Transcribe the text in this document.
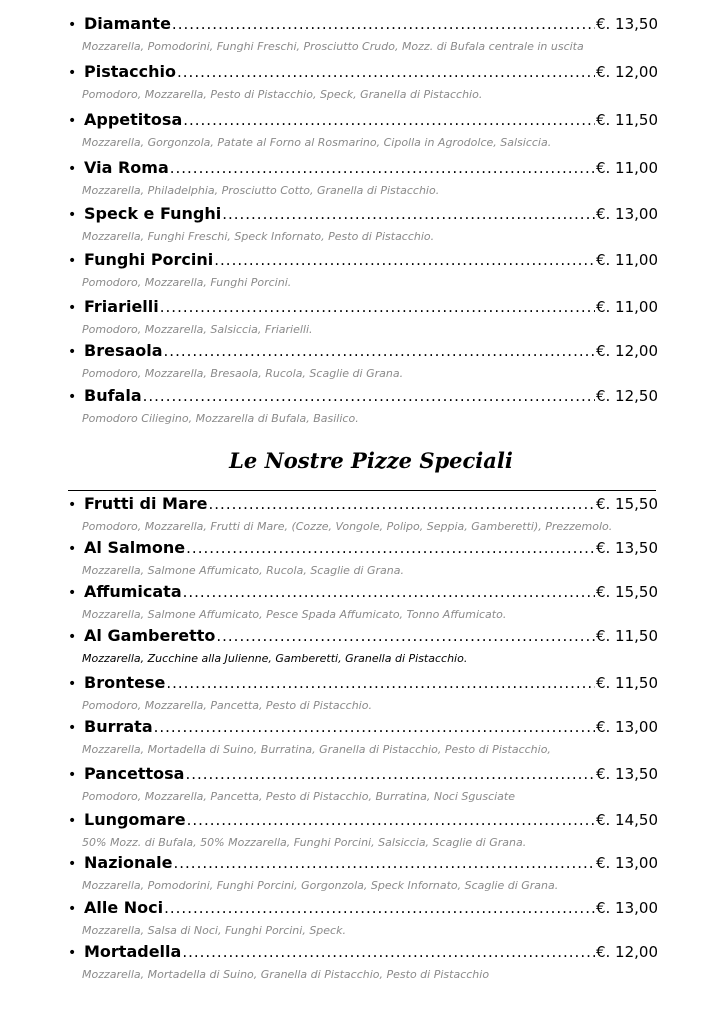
• Diamante .....	€. 13,50
Mozzarella, Pomodorini, Funghi Freschi, Prosciutto Crudo, Mozz. di Bufala centrale in uscita
• Pistacchio .....	€. 12,00
Pomodoro, Mozzarella, Pesto di Pistacchio, Speck, Granella di Pistacchio.
• Appetitosa .....	€. 11,50
Mozzarella, Gorgonzola, Patate al Forno al Rosmarino, Cipolla in Agrodolce, Salsiccia.
• Via Roma .....	€. 11,00
Mozzarella, Philadelphia, Prosciutto Cotto, Granella di Pistacchio.
• Speck e Funghi .....	€. 13,00
Mozzarella, Funghi Freschi, Speck Infornato, Pesto di Pistacchio.
• Funghi Porcini .....	€. 11,00
Pomodoro, Mozzarella, Funghi Porcini.
• Friarielli .....	€. 11,00
Pomodoro, Mozzarella, Salsiccia, Friarielli.
• Bresaola .....	€. 12,00
Pomodoro, Mozzarella, Bresaola, Rucola, Scaglie di Grana.
• Bufala .....	€. 12,50
Pomodoro Ciliegino, Mozzarella di Bufala, Basilico.
Le Nostre Pizze Speciali
• Frutti di Mare .....	€. 15,50
Pomodoro, Mozzarella, Frutti di Mare, (Cozze, Vongole, Polipo, Seppia, Gamberetti), Prezzemolo.
• Al Salmone .....	€. 13,50
Mozzarella, Salmone Affumicato, Rucola, Scaglie di Grana.
• Affumicata .....	€. 15,50
Mozzarella, Salmone Affumicato, Pesce Spada Affumicato, Tonno Affumicato.
• Al Gamberetto .....	€. 11,50
Mozzarella, Zucchine alla Julienne, Gamberetti, Granella di Pistacchio.
• Brontese .....	€. 11,50
Pomodoro, Mozzarella, Pancetta, Pesto di Pistacchio.
• Burrata .....	€. 13,00
Mozzarella, Mortadella di Suino, Burratina, Granella di Pistacchio, Pesto di Pistacchio,
• Pancettosa .....	€. 13,50
Pomodoro, Mozzarella, Pancetta, Pesto di Pistacchio, Burratina, Noci Sgusciate
• Lungomare .....	€. 14,50
50% Mozz. di Bufala, 50% Mozzarella, Funghi Porcini, Salsiccia, Scaglie di Grana.
• Nazionale .....	€. 13,00
Mozzarella, Pomodorini, Funghi Porcini, Gorgonzola, Speck Infornato, Scaglie di Grana.
• Alle Noci .....	€. 13,00
Mozzarella, Salsa di Noci, Funghi Porcini, Speck.
• Mortadella .....	€. 12,00
Mozzarella, Mortadella di Suino, Granella di Pistacchio, Pesto di Pistacchio
